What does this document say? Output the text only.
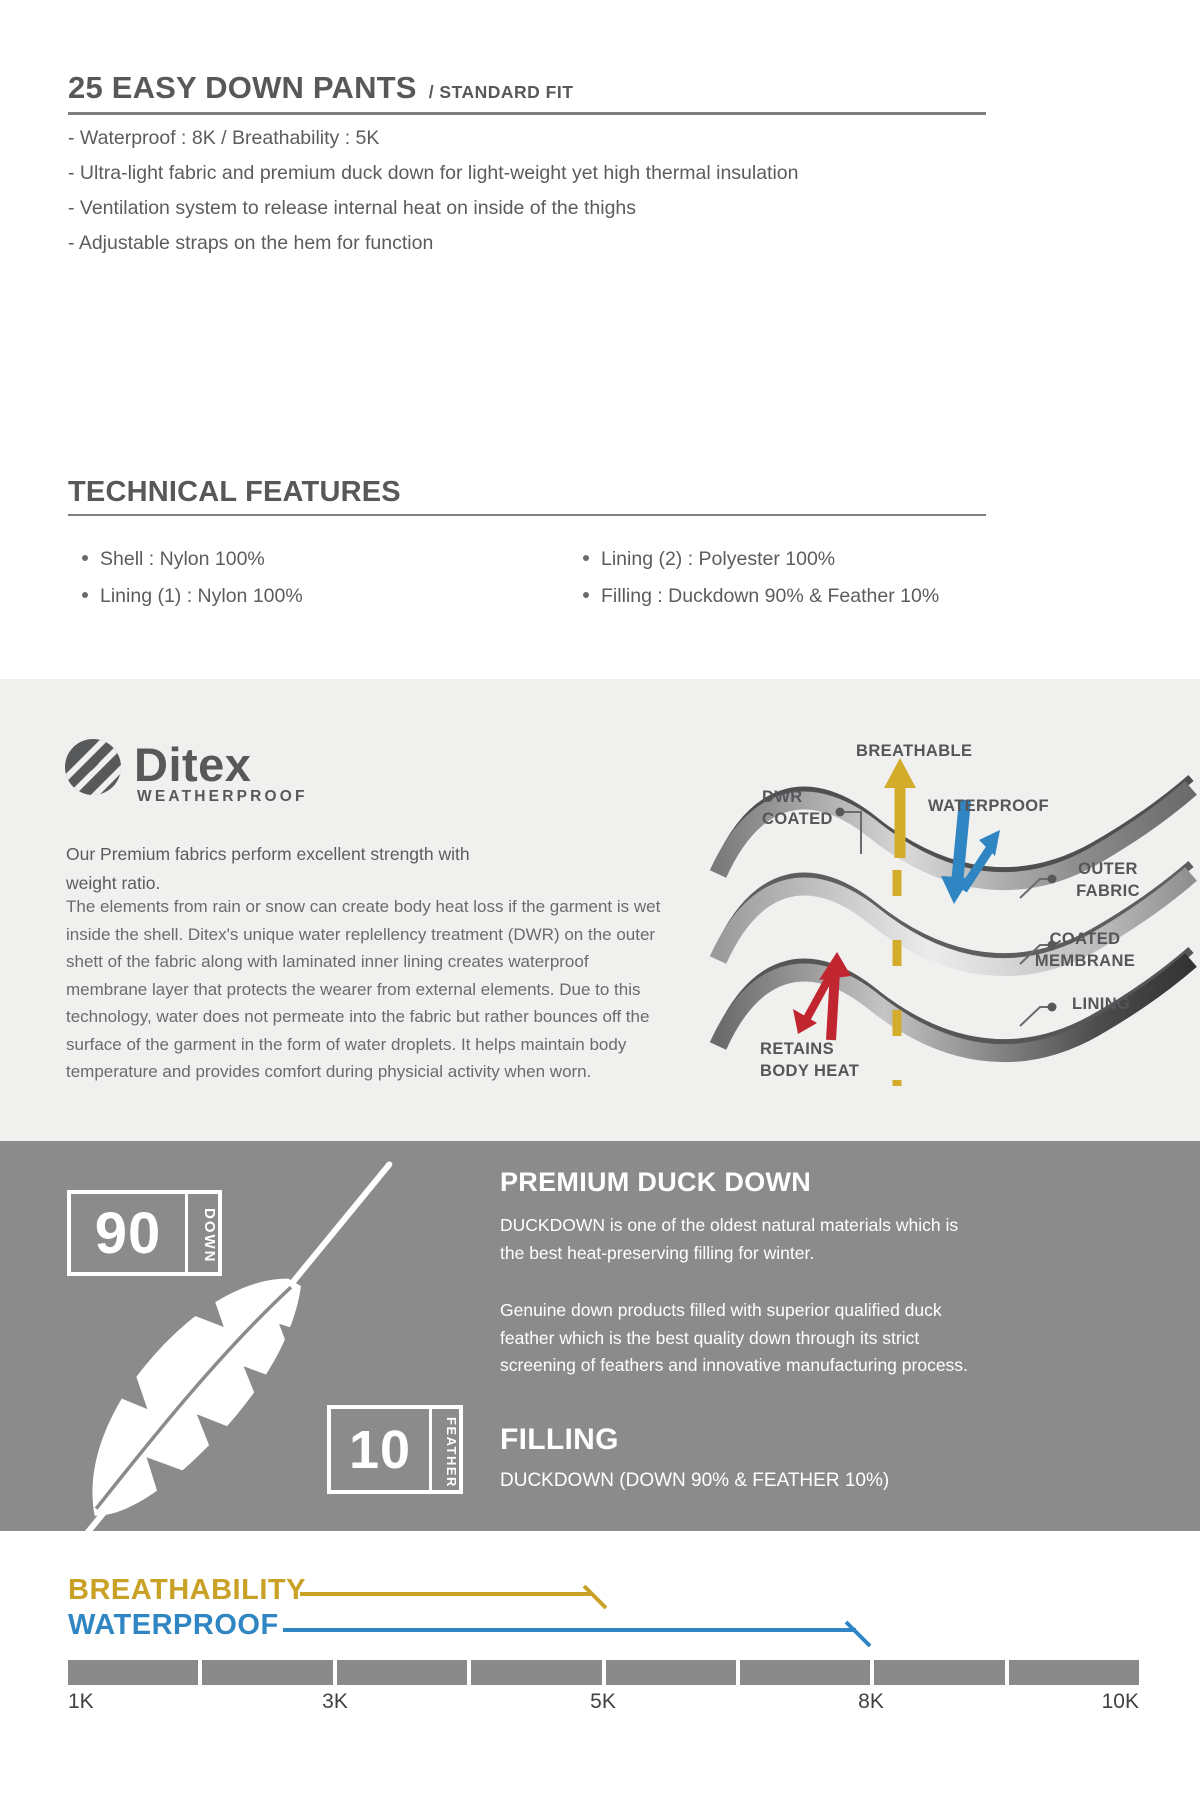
25 EASY DOWN PANTS / STANDARD FIT
- Waterproof : 8K / Breathability : 5K
- Ultra-light fabric and premium duck down for light-weight yet high thermal insulation
- Ventilation system to release internal heat on inside of the thighs
- Adjustable straps on the hem for function
TECHNICAL FEATURES
Shell : Nylon 100%
Lining (1) : Nylon 100%
Lining (2) : Polyester 100%
Filling : Duckdown 90% & Feather 10%
Ditex
WEATHERPROOF
Our Premium fabrics perform excellent strength with weight ratio.
The elements from rain or snow can create body heat loss if the garment is wet inside the shell. Ditex's unique water replellency treatment (DWR) on the outer shett of the fabric along with laminated inner lining creates waterproof membrane layer that protects the wearer from external elements. Due to this technology, water does not permeate into the fabric but rather bounces off the surface of the garment in the form of water droplets. It helps maintain body temperature and provides comfort during physicial activity when worn.
BREATHABLE
DWR
COATED
WATERPROOF
OUTER
FABRIC
COATED
MEMBRANE
LINING
RETAINS
BODY HEAT
90	DOWN
10	FEATHER
PREMIUM DUCK DOWN
DUCKDOWN is one of the oldest natural materials which is the best heat-preserving filling for winter.
Genuine down products filled with superior qualified duck feather which is the best quality down through its strict screening of feathers and innovative manufacturing process.
FILLING
DUCKDOWN (DOWN 90% & FEATHER 10%)
BREATHABILITY
WATERPROOF
1K	3K	5K	8K	10K
